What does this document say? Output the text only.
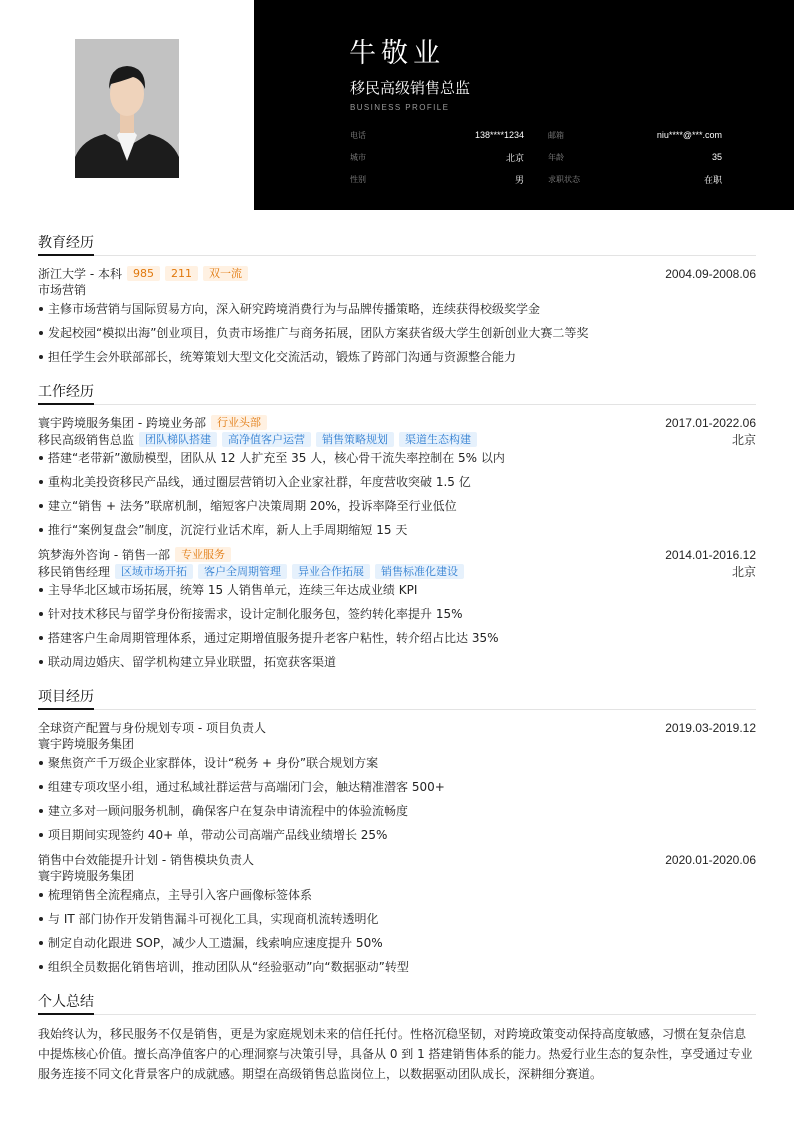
牛敬业
移民高级销售总监
BUSINESS PROFILE
电话	138****1234	邮箱	niu****@***.com
城市	北京	年龄	35
性别	男	求职状态	在职
教育经历
浙江大学 - 本科	985	211	双一流	2004.09-2008.06
市场营销
主修市场营销与国际贸易方向，深入研究跨境消费行为与品牌传播策略，连续获得校级奖学金
发起校园“模拟出海”创业项目，负责市场推广与商务拓展，团队方案获省级大学生创新创业大赛二等奖
担任学生会外联部部长，统筹策划大型文化交流活动，锻炼了跨部门沟通与资源整合能力
工作经历
寰宇跨境服务集团 - 跨境业务部	行业头部	2017.01-2022.06
移民高级销售总监	团队梯队搭建	高净值客户运营	销售策略规划	渠道生态构建	北京
搭建“老带新”激励模型，团队从 12 人扩充至 35 人，核心骨干流失率控制在 5% 以内
重构北美投资移民产品线，通过圈层营销切入企业家社群，年度营收突破 1.5 亿
建立“销售 + 法务”联席机制，缩短客户决策周期 20%，投诉率降至行业低位
推行“案例复盘会”制度，沉淀行业话术库，新人上手周期缩短 15 天
筑梦海外咨询 - 销售一部	专业服务	2014.01-2016.12
移民销售经理	区域市场开拓	客户全周期管理	异业合作拓展	销售标准化建设	北京
主导华北区域市场拓展，统筹 15 人销售单元，连续三年达成业绩 KPI
针对技术移民与留学身份衔接需求，设计定制化服务包，签约转化率提升 15%
搭建客户生命周期管理体系，通过定期增值服务提升老客户粘性，转介绍占比达 35%
联动周边婚庆、留学机构建立异业联盟，拓宽获客渠道
项目经历
全球资产配置与身份规划专项 - 项目负责人	2019.03-2019.12
寰宇跨境服务集团
聚焦资产千万级企业家群体，设计“税务 + 身份”联合规划方案
组建专项攻坚小组，通过私域社群运营与高端闭门会，触达精准潜客 500+
建立多对一顾问服务机制，确保客户在复杂申请流程中的体验流畅度
项目期间实现签约 40+ 单，带动公司高端产品线业绩增长 25%
销售中台效能提升计划 - 销售模块负责人	2020.01-2020.06
寰宇跨境服务集团
梳理销售全流程痛点，主导引入客户画像标签体系
与 IT 部门协作开发销售漏斗可视化工具，实现商机流转透明化
制定自动化跟进 SOP，减少人工遗漏，线索响应速度提升 50%
组织全员数据化销售培训，推动团队从“经验驱动”向“数据驱动”转型
个人总结
我始终认为，移民服务不仅是销售，更是为家庭规划未来的信任托付。性格沉稳坚韧，对跨境政策变动保持高度敏感，习惯在复杂信息中提炼核心价值。擅长高净值客户的心理洞察与决策引导，具备从 0 到 1 搭建销售体系的能力。热爱行业生态的复杂性，享受通过专业服务连接不同文化背景客户的成就感。期望在高级销售总监岗位上，以数据驱动团队成长，深耕细分赛道。
